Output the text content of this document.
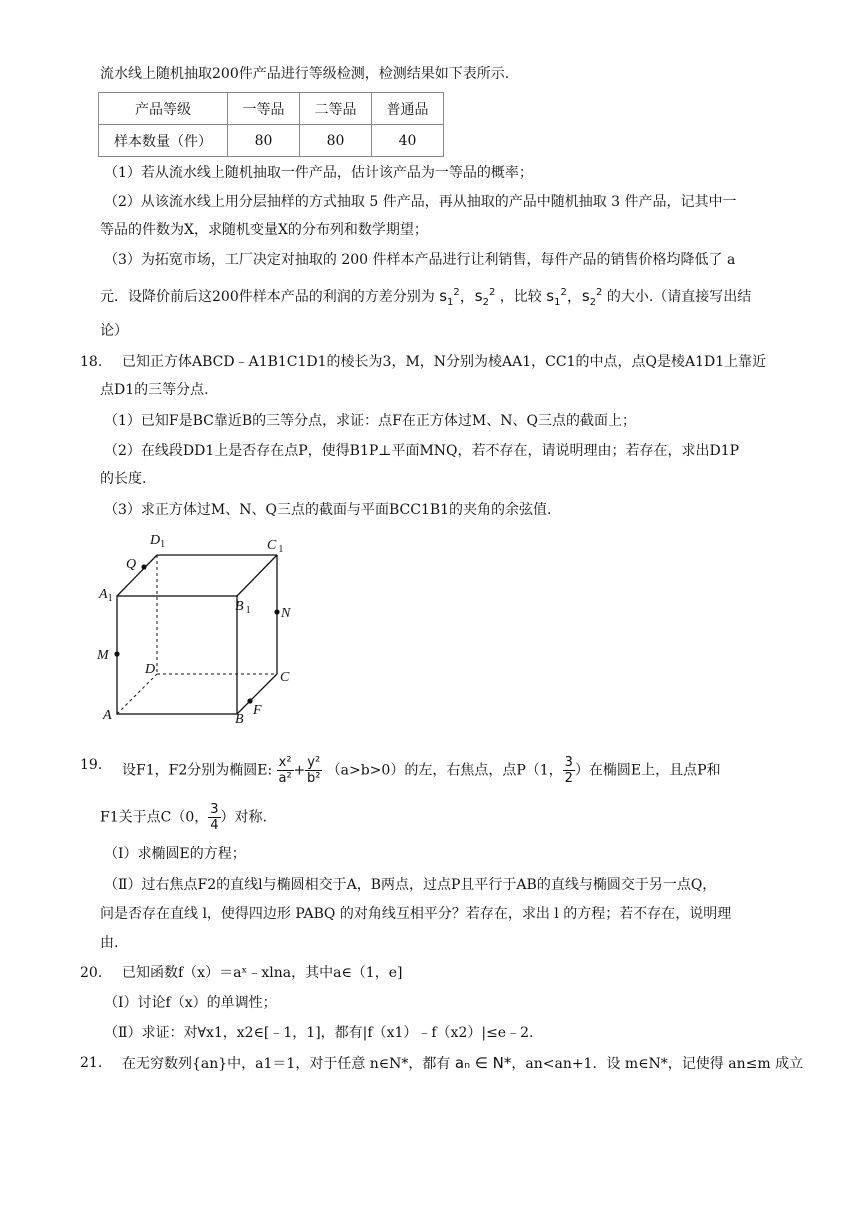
流水线上随机抽取200件产品进行等级检测，检测结果如下表所示.
产品等级	一等品	二等品	普通品
样本数量（件）	80	80	40
（1）若从流水线上随机抽取一件产品，估计该产品为一等品的概率；
（2）从该流水线上用分层抽样的方式抽取 5 件产品，再从抽取的产品中随机抽取 3 件产品，记其中一
等品的件数为X，求随机变量X的分布列和数学期望；
（3）为拓宽市场，工厂决定对抽取的 200 件样本产品进行让利销售，每件产品的销售价格均降低了 a
元．设降价前后这200件样本产品的利润的方差分别为 $s_1^2$，$s_2^2$ ，比较 $s_1^2$，$s_2^2$ 的大小.（请直接写出结
论）
18. 已知正方体ABCD﹣A1B1C1D1的棱长为3，M，N分别为棱AA1，CC1的中点，点Q是棱A1D1上靠近
点D1的三等分点.
（1）已知F是BC靠近B的三等分点，求证：点F在正方体过M、N、Q三点的截面上；
（2）在线段DD1上是否存在点P，使得B1P⊥平面MNQ，若不存在，请说明理由；若存在，求出D1P
的长度.
（3）求正方体过M、N、Q三点的截面与平面BCC1B1的夹角的余弦值.
$D_1$	C $_1$
Q
$A_1$
B $_1$ N
M
D
C
A	B
F
19. 设F1，F2分别为椭圆E: $\frac{\text{x²}}{\text{a²}} + \frac{\text{y²}}{\text{b²}} (a>b>0)$的左，右焦点，点P（1， $\frac{3}{2}$ ）在椭圆E上，且点P和
F1关于点C（0， $\frac{3}{4}$ ）对称.
（Ⅰ）求椭圆E的方程；
（Ⅱ）过右焦点F2的直线l与椭圆相交于A，B两点，过点P且平行于AB的直线与椭圆交于另一点Q，
问是否存在直线 l，使得四边形 PABQ 的对角线互相平分？若存在，求出 l 的方程；若不存在，说明理
由.
20. 已知函数f（x）＝aˣ﹣xlna，其中a∈（1，e]
（Ⅰ）讨论f（x）的单调性；
（Ⅱ）求证：对∀x1，x2∈[﹣1，1]，都有|f（x1）﹣f（x2）|≤e﹣2.
21. 在无穷数列{an}中，a1＝1，对于任意 n∈N*，都有 aₙ ∈ N*，an<an+1．设 m∈N*，记使得 an≤m 成立
